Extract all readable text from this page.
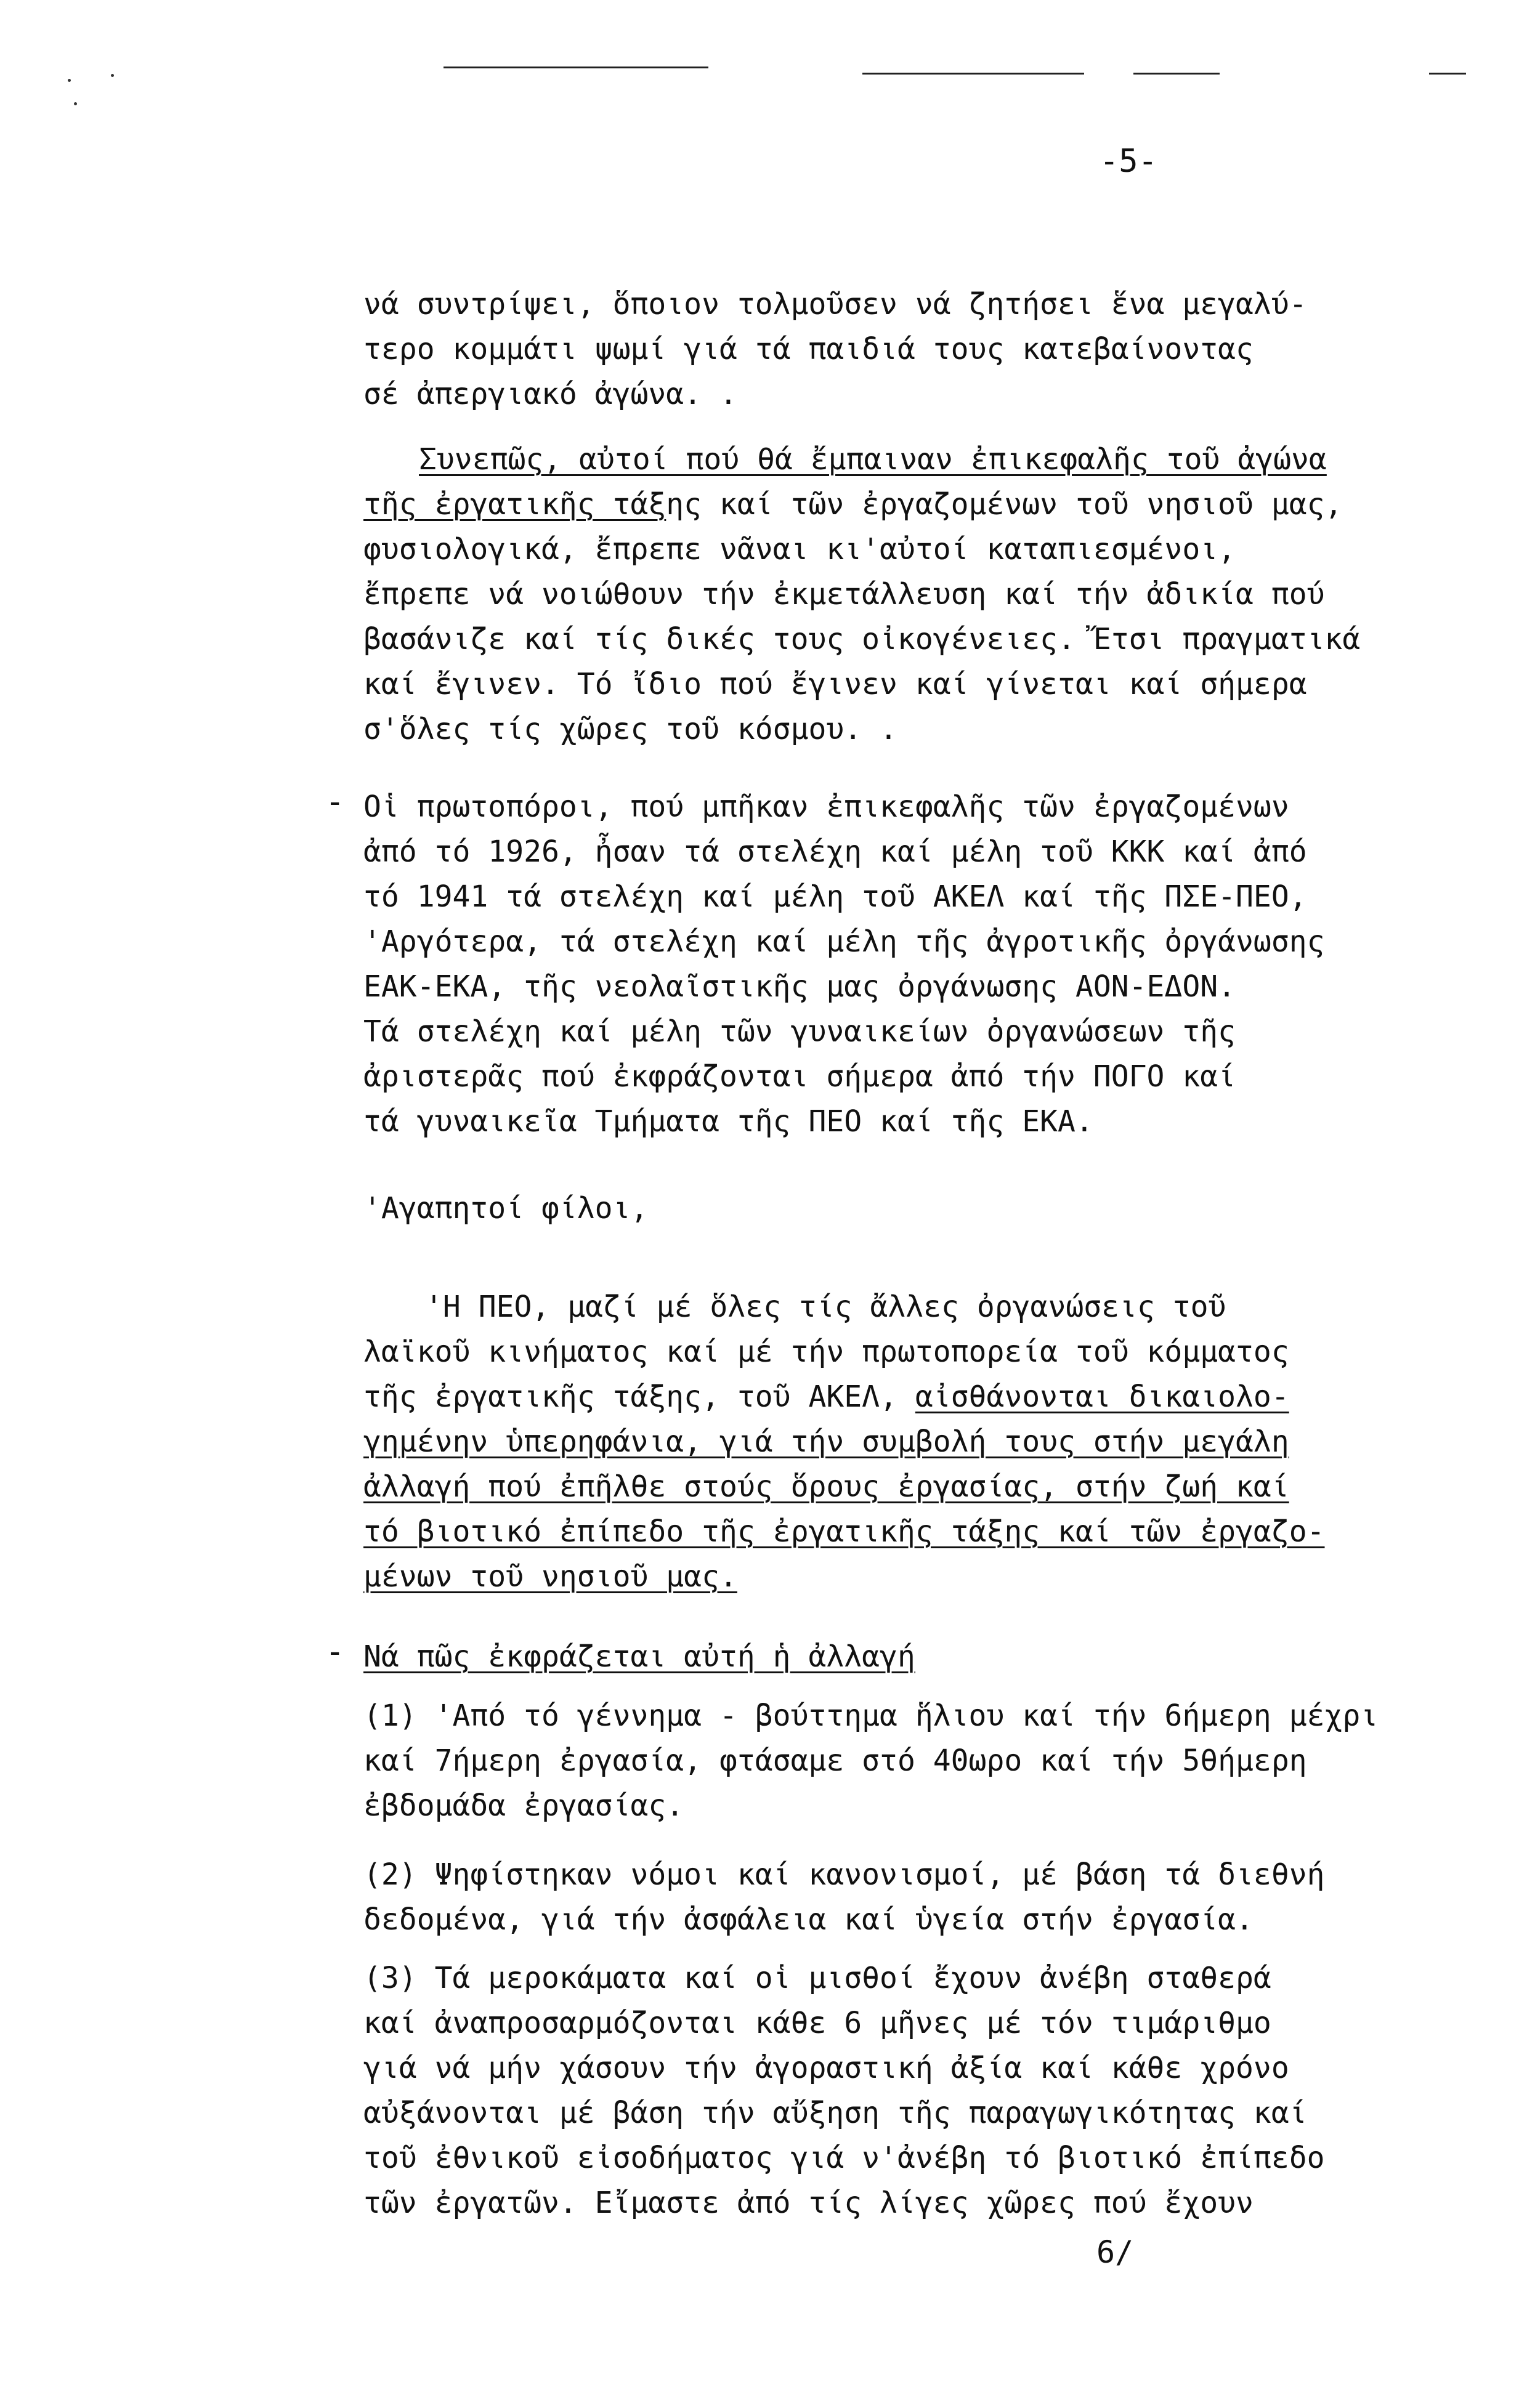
-5-
νά συντρίψει, ὅποιον τολμοῦσεν νά ζητήσει ἕνα μεγαλύ-
τερο κομμάτι ψωμί γιά τά παιδιά τους κατεβαίνοντας
σέ ἀπεργιακό ἀγώνα. .
Συνεπῶς, αὐτοί πού θά ἔμπαιναν ἐπικεφαλῆς τοῦ ἀγώνα
τῆς ἐργατικῆς τάξης καί τῶν ἐργαζομένων τοῦ νησιοῦ μας,
φυσιολογικά, ἔπρεπε νᾶναι κι'αὐτοί καταπιεσμένοι,
ἔπρεπε νά νοιώθουν τήν ἐκμετάλλευση καί τήν ἀδικία πού
βασάνιζε καί τίς δικές τους οἰκογένειες. Ἔτσι πραγματικά
καί ἔγινεν. Τό ἴδιο πού ἔγινεν καί γίνεται καί σήμερα
σ'ὅλες τίς χῶρες τοῦ κόσμου. .
- Οἱ πρωτοπόροι, πού μπῆκαν ἐπικεφαλῆς τῶν ἐργαζομένων
ἀπό τό 1926, ἦσαν τά στελέχη καί μέλη τοῦ ΚΚΚ καί ἀπό
τό 1941 τά στελέχη καί μέλη τοῦ ΑΚΕΛ καί τῆς ΠΣΕ-ΠΕΟ,
'Αργότερα, τά στελέχη καί μέλη τῆς ἀγροτικῆς ὀργάνωσης
ΕΑΚ-ΕΚΑ, τῆς νεολαῖστικῆς μας ὀργάνωσης ΑΟΝ-ΕΔΟΝ.
Τά στελέχη καί μέλη τῶν γυναικείων ὀργανώσεων τῆς
ἀριστερᾶς πού ἐκφράζονται σήμερα ἀπό τήν ΠΟΓΟ καί
τά γυναικεῖα Τμήματα τῆς ΠΕΟ καί τῆς ΕΚΑ.
'Αγαπητοί φίλοι,
'Η ΠΕΟ, μαζί μέ ὅλες τίς ἄλλες ὀργανώσεις τοῦ
λαϊκοῦ κινήματος καί μέ τήν πρωτοπορεία τοῦ κόμματος
τῆς ἐργατικῆς τάξης, τοῦ ΑΚΕΛ, αἰσθάνονται δικαιολο-
γημένην ὑπερηφάνια, γιά τήν συμβολή τους στήν μεγάλη
ἀλλαγή πού ἐπῆλθε στούς ὅρους ἐργασίας, στήν ζωή καί
τό βιοτικό ἐπίπεδο τῆς ἐργατικῆς τάξης καί τῶν ἐργαζο-
μένων τοῦ νησιοῦ μας.
- Νά πῶς ἐκφράζεται αὐτή ἡ ἀλλαγή
(1) 'Από τό γέννημα - βούττημα ἥλιου καί τήν 6ήμερη μέχρι
καί 7ήμερη ἐργασία, φτάσαμε στό 40ωρο καί τήν 5θήμερη
ἐβδομάδα ἐργασίας.
(2) Ψηφίστηκαν νόμοι καί κανονισμοί, μέ βάση τά διεθνή
δεδομένα, γιά τήν ἀσφάλεια καί ὑγεία στήν ἐργασία.
(3) Τά μεροκάματα καί οἱ μισθοί ἔχουν ἀνέβη σταθερά
καί ἀναπροσαρμόζονται κάθε 6 μῆνες μέ τόν τιμάριθμο
γιά νά μήν χάσουν τήν ἀγοραστική ἀξία καί κάθε χρόνο
αὐξάνονται μέ βάση τήν αὔξηση τῆς παραγωγικότητας καί
τοῦ ἐθνικοῦ εἰσοδήματος γιά ν'ἀνέβη τό βιοτικό ἐπίπεδο
τῶν ἐργατῶν. Εἴμαστε ἀπό τίς λίγες χῶρες πού ἔχουν
6/
